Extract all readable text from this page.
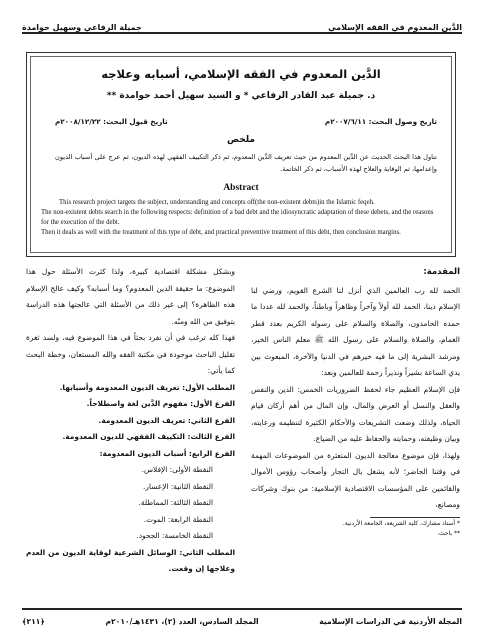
الدَّين المعدوم في الفقه الإسلامي
جميلة الرفاعي وسهيل حوامدة
الدَّين المعدوم في الفقه الإسلامي، أسبابه وعلاجه
د. جميلة عبد القادر الرفاعي * و السيد سهيل أحمد حوامدة **
تاريخ وصول البحث: ٢٠٠٧/٦/١١م
تاريخ قبول البحث: ٢٠٠٨/١٢/٢٢م
ملخص
تناول هذا البحث الحديث عن الدَّين المعدوم من حيث تعريف الدَّين المعدوم، ثم ذكر التكييف الفقهي لهذه الديون، ثم عرج على أسباب الديون وإعدامها، ثم الوقاية والعلاج لهذه الأسباب، ثم ذكر الخاتمة.
Abstract

This research project targets the subject, understanding and concepts off(the non-existent debts)in the Islamic feqeh.

The non-existent debts search in the following respects: definition of a bad debt and the idiosyncratic adaptation of these debets, and the reasons for the execution of the debt.

Then it deals as well with the treatment of this type of debt, and practical preventive treatment of this debt, then conclusion margins.

المقدمة:

الحمد لله رب العالمين الذي أنزل لنا الشرع القويم، ورضي لنا الإسلام دينا، الحمد لله أولاً وآخراً وظاهراً وباطناً، والحمد لله عددا ما حمده الحامدون، والصلاة والسلام على رسوله الكريم بعدد قطر الغمام، والصلاة والسلام على رسول الله ﷺ معلم الناس الخير، ومرشد البشرية إلى ما فيه خيرهم في الدنيا والآخرة، المبعوث بين يدي الساعة بشيراً ونذيراً رحمة للعالمين وبعد:

فإن الإسلام العظيم جاء لحفظ الضروريات الخمس: الدين والنفس والعقل والنسل أو العرض والمال، وإن المال من أهم أركان قيام الحياة، ولذلك وضعت التشريعات والأحكام الكثيرة لتنظيمه ورعايته، وبيان وظيفته، وحمايته والحفاظ عليه من الضياع.

ولهذا، فإن موضوع معالجة الديون المتعثرة من الموضوعات المهمة في وقتنا الحاضر؛ لأنه يشغل بال التجار وأصحاب رؤوس الأموال والقائمين على المؤسسات الاقتصادية الإسلامية: من بنوك وشركات ومصانع،

* أستاذ مشارك، كلية الشريعة، الجامعة الأردنية.

** باحث.

وبشكل مشكلة اقتصادية كبيرة، ولذا كثرت الأسئلة حول هذا الموضوع: ما حقيقة الدين المعدوم؟ وما أسبابه؟ وكيف عالج الإسلام هذه الظاهرة؟ إلى غير ذلك من الأسئلة التي عالجتها هذه الدراسة بتوفيق من الله ومنّه.

فهذا كله ترغب في أن نفرد بحثاً في هذا الموضوع فيه، ولسد ثغرة تقليل الباحث موجودة في مكتبة الفقه والله المستعان، وخطة البحث كما يأتي:

المطلب الأول: تعريف الديون المعدومة وأسبابها.

الفرع الأول: مفهوم الدَّين لغة واصطلاحاً.

الفرع الثاني: تعريف الديون المعدومة.

الفرع الثالث: التكييف الفقهي للديون المعدومة.

الفرع الرابع: أسباب الديون المعدومة:

النقطة الأولى: الإفلاس.

النقطة الثانية: الإعسار.

النقطة الثالثة: المماطلة.

النقطة الرابعة: الموت.

النقطة الخامسة: الجحود.

المطلب الثاني: الوسائل الشرعية لوقاية الديون من العدم وعلاجها إن وقعت.

المجلة الأردنية في الدراسات الإسلامية
المجلد السادس، العدد (٢)، ١٤٣١هـ/٢٠١٠م
﴿٢١١﴾
